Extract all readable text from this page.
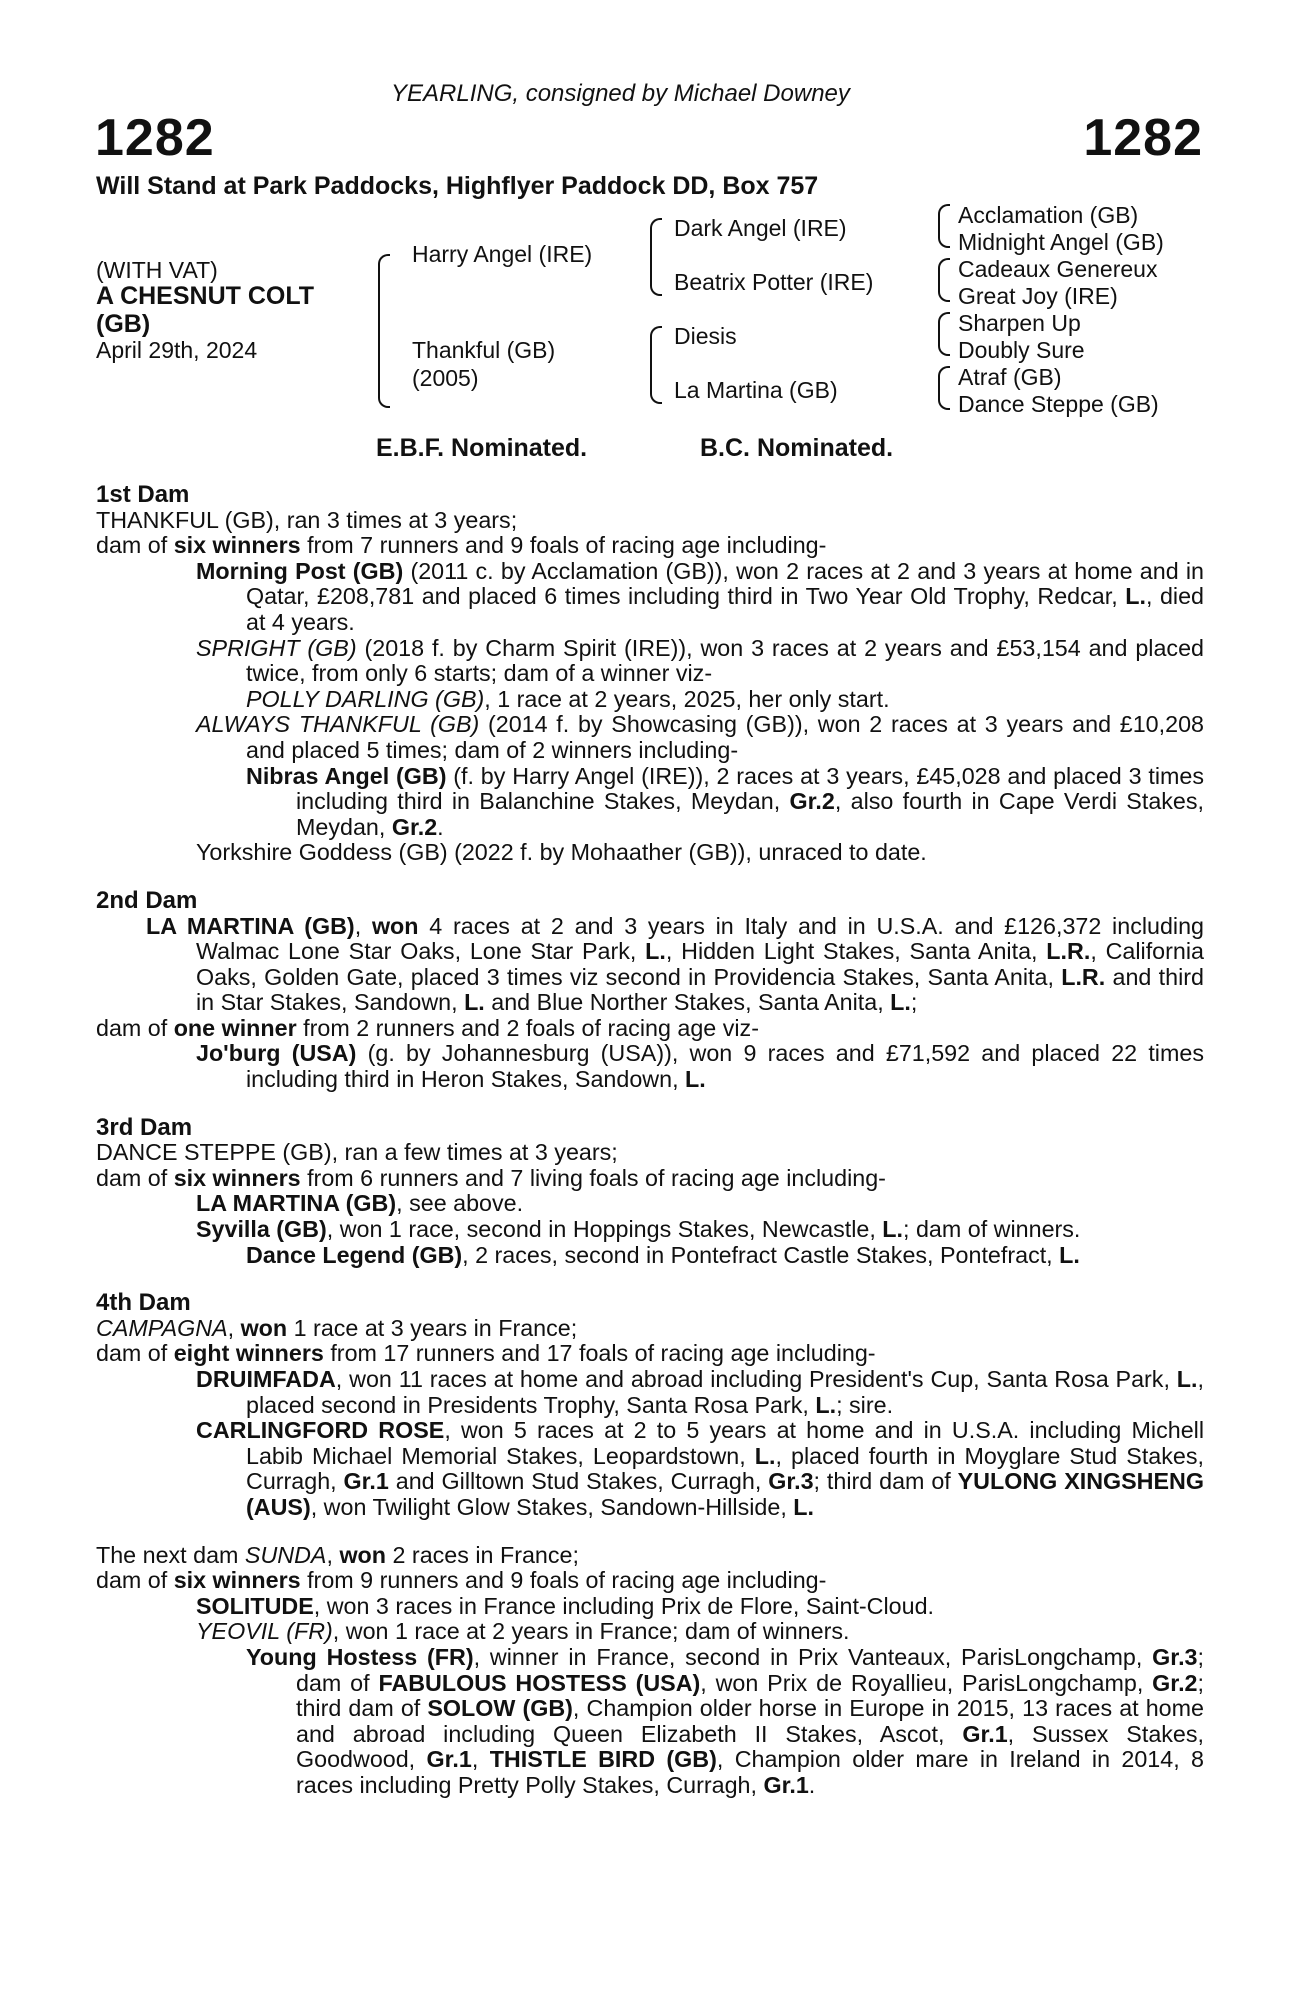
YEARLING, consigned by Michael Downey
1282	1282
Will Stand at Park Paddocks, Highflyer Paddock DD, Box 757
(WITH VAT)
A CHESNUT COLT
(GB)
April 29th, 2024
Harry Angel (IRE)
Thankful (GB)
(2005)
Dark Angel (IRE)
Beatrix Potter (IRE)
Diesis
La Martina (GB)
Acclamation (GB)
Midnight Angel (GB)
Cadeaux Genereux
Great Joy (IRE)
Sharpen Up
Doubly Sure
Atraf (GB)
Dance Steppe (GB)
E.B.F. Nominated.	B.C. Nominated.
1st Dam
THANKFUL (GB), ran 3 times at 3 years;
dam of six winners from 7 runners and 9 foals of racing age including-
Morning Post (GB) (2011 c. by Acclamation (GB)), won 2 races at 2 and 3 years at home and in Qatar, £208,781 and placed 6 times including third in Two Year Old Trophy, Redcar, L., died at 4 years.
SPRIGHT (GB) (2018 f. by Charm Spirit (IRE)), won 3 races at 2 years and £53,154 and placed twice, from only 6 starts; dam of a winner viz-
POLLY DARLING (GB), 1 race at 2 years, 2025, her only start.
ALWAYS THANKFUL (GB) (2014 f. by Showcasing (GB)), won 2 races at 3 years and £10,208 and placed 5 times; dam of 2 winners including-
Nibras Angel (GB) (f. by Harry Angel (IRE)), 2 races at 3 years, £45,028 and placed 3 times including third in Balanchine Stakes, Meydan, Gr.2, also fourth in Cape Verdi Stakes, Meydan, Gr.2.
Yorkshire Goddess (GB) (2022 f. by Mohaather (GB)), unraced to date.
2nd Dam
LA MARTINA (GB), won 4 races at 2 and 3 years in Italy and in U.S.A. and £126,372 including Walmac Lone Star Oaks, Lone Star Park, L., Hidden Light Stakes, Santa Anita, L.R., California Oaks, Golden Gate, placed 3 times viz second in Providencia Stakes, Santa Anita, L.R. and third in Star Stakes, Sandown, L. and Blue Norther Stakes, Santa Anita, L.;
dam of one winner from 2 runners and 2 foals of racing age viz-
Jo'burg (USA) (g. by Johannesburg (USA)), won 9 races and £71,592 and placed 22 times including third in Heron Stakes, Sandown, L.
3rd Dam
DANCE STEPPE (GB), ran a few times at 3 years;
dam of six winners from 6 runners and 7 living foals of racing age including-
LA MARTINA (GB), see above.
Syvilla (GB), won 1 race, second in Hoppings Stakes, Newcastle, L.; dam of winners.
Dance Legend (GB), 2 races, second in Pontefract Castle Stakes, Pontefract, L.
4th Dam
CAMPAGNA, won 1 race at 3 years in France;
dam of eight winners from 17 runners and 17 foals of racing age including-
DRUIMFADA, won 11 races at home and abroad including President's Cup, Santa Rosa Park, L., placed second in Presidents Trophy, Santa Rosa Park, L.; sire.
CARLINGFORD ROSE, won 5 races at 2 to 5 years at home and in U.S.A. including Michell Labib Michael Memorial Stakes, Leopardstown, L., placed fourth in Moyglare Stud Stakes, Curragh, Gr.1 and Gilltown Stud Stakes, Curragh, Gr.3; third dam of YULONG XINGSHENG (AUS), won Twilight Glow Stakes, Sandown-Hillside, L.
The next dam SUNDA, won 2 races in France;
dam of six winners from 9 runners and 9 foals of racing age including-
SOLITUDE, won 3 races in France including Prix de Flore, Saint-Cloud.
YEOVIL (FR), won 1 race at 2 years in France; dam of winners.
Young Hostess (FR), winner in France, second in Prix Vanteaux, ParisLongchamp, Gr.3; dam of FABULOUS HOSTESS (USA), won Prix de Royallieu, ParisLongchamp, Gr.2; third dam of SOLOW (GB), Champion older horse in Europe in 2015, 13 races at home and abroad including Queen Elizabeth II Stakes, Ascot, Gr.1, Sussex Stakes, Goodwood, Gr.1, THISTLE BIRD (GB), Champion older mare in Ireland in 2014, 8 races including Pretty Polly Stakes, Curragh, Gr.1.
